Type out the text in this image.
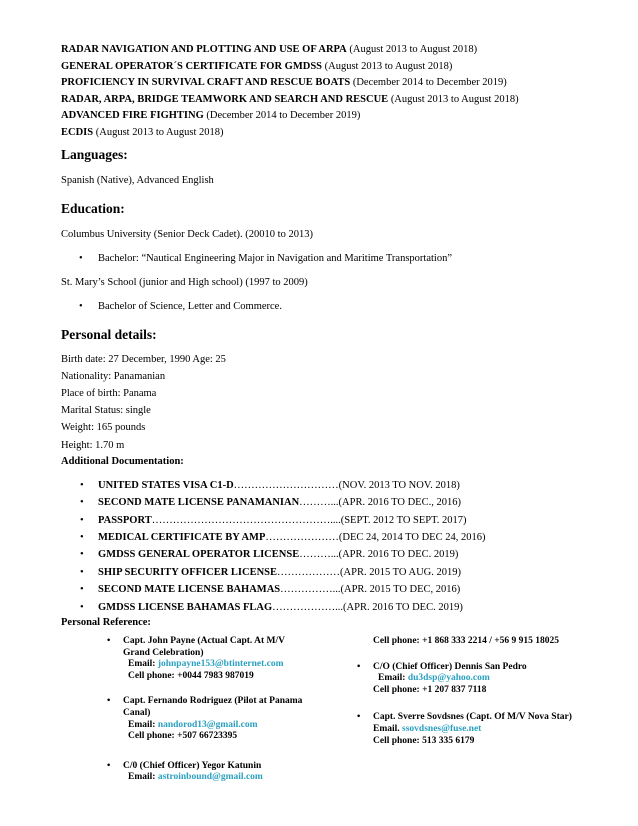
RADAR NAVIGATION AND PLOTTING AND USE OF ARPA (August 2013 to August 2018)
GENERAL OPERATOR´S CERTIFICATE FOR GMDSS (August 2013 to August 2018)
PROFICIENCY IN SURVIVAL CRAFT AND RESCUE BOATS (December 2014 to December 2019)
RADAR, ARPA, BRIDGE TEAMWORK AND SEARCH AND RESCUE (August 2013 to August 2018)
ADVANCED FIRE FIGHTING (December 2014 to December 2019)
ECDIS (August 2013 to August 2018)
Languages:
Spanish (Native), Advanced English
Education:
Columbus University (Senior Deck Cadet). (20010 to 2013)
• Bachelor: “Nautical Engineering Major in Navigation and Maritime Transportation”
St. Mary’s School (junior and High school) (1997 to 2009)
• Bachelor of Science, Letter and Commerce.
Personal details:
Birth date: 27 December, 1990 Age: 25
Nationality: Panamanian
Place of birth: Panama
Marital Status: single
Weight: 165 pounds
Height: 1.70 m
Additional Documentation:
• UNITED STATES VISA C1-D…………………………(NOV. 2013 TO NOV. 2018)
• SECOND MATE LICENSE PANAMANIAN………...(APR. 2016 TO DEC., 2016)
• PASSPORT……………………………………………....(SEPT. 2012 TO SEPT. 2017)
• MEDICAL CERTIFICATE BY AMP…………………(DEC 24, 2014 TO DEC 24, 2016)
• GMDSS GENERAL OPERATOR LICENSE………...(APR. 2016 TO DEC. 2019)
• SHIP SECURITY OFFICER LICENSE………………(APR. 2015 TO AUG. 2019)
• SECOND MATE LICENSE BAHAMAS……………...(APR. 2015 TO DEC, 2016)
• GMDSS LICENSE BAHAMAS FLAG………………...(APR. 2016 TO DEC. 2019)
Personal Reference:
• Capt. John Payne (Actual Capt. At M/V Grand Celebration)
Email: johnpayne153@btinternet.com
Cell phone: +0044 7983 987019
• Capt. Fernando Rodriguez (Pilot at Panama Canal)
Email: nandorod13@gmail.com
Cell phone: +507 66723395
• C/0 (Chief Officer) Yegor Katunin
Email: astroinbound@gmail.com
Cell phone: +1 868 333 2214 / +56 9 915 18025
• C/O (Chief Officer) Dennis San Pedro
Email: du3dsp@yahoo.com
Cell phone: +1 207 837 7118
• Capt. Sverre Sovdsnes (Capt. Of M/V Nova Star)
Email. ssovdsnes@fuse.net
Cell phone: 513 335 6179
